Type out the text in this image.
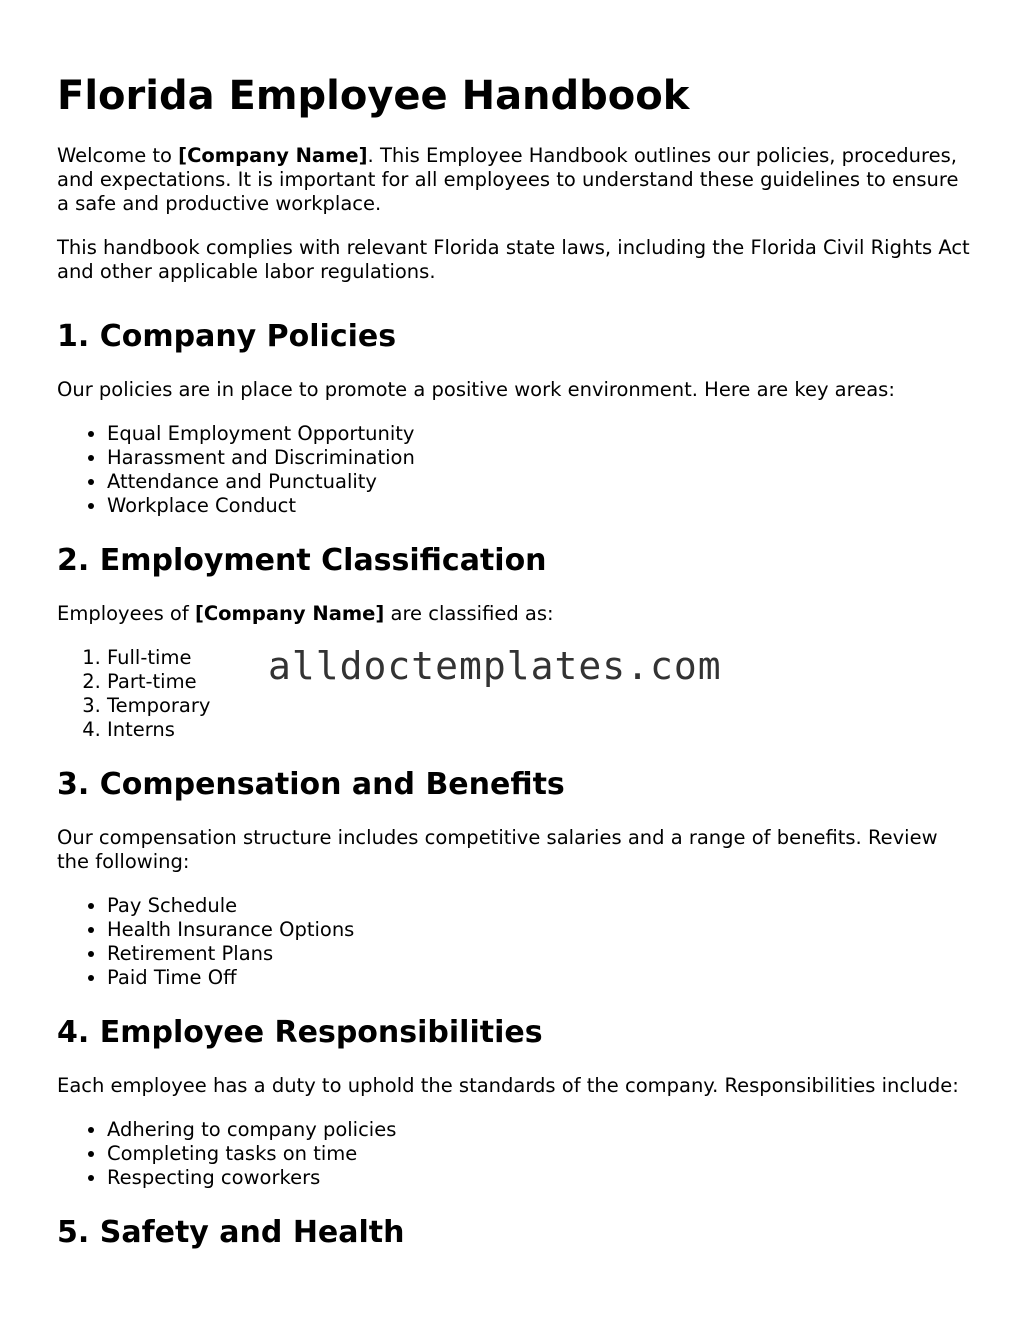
Florida Employee Handbook

Welcome to [Company Name]. This Employee Handbook outlines our policies, procedures, and expectations. It is important for all employees to understand these guidelines to ensure a safe and productive workplace.

This handbook complies with relevant Florida state laws, including the Florida Civil Rights Act and other applicable labor regulations.

1. Company Policies

Our policies are in place to promote a positive work environment. Here are key areas:

• Equal Employment Opportunity
• Harassment and Discrimination
• Attendance and Punctuality
• Workplace Conduct
2. Employment Classification

Employees of [Company Name] are classified as:

1. Full-time
2. Part-time
3. Temporary
4. Interns
3. Compensation and Benefits

Our compensation structure includes competitive salaries and a range of benefits. Review the following:

• Pay Schedule
• Health Insurance Options
• Retirement Plans
• Paid Time Off
4. Employee Responsibilities

Each employee has a duty to uphold the standards of the company. Responsibilities include:

• Adhering to company policies
• Completing tasks on time
• Respecting coworkers
5. Safety and Health
alldoctemplates.com
